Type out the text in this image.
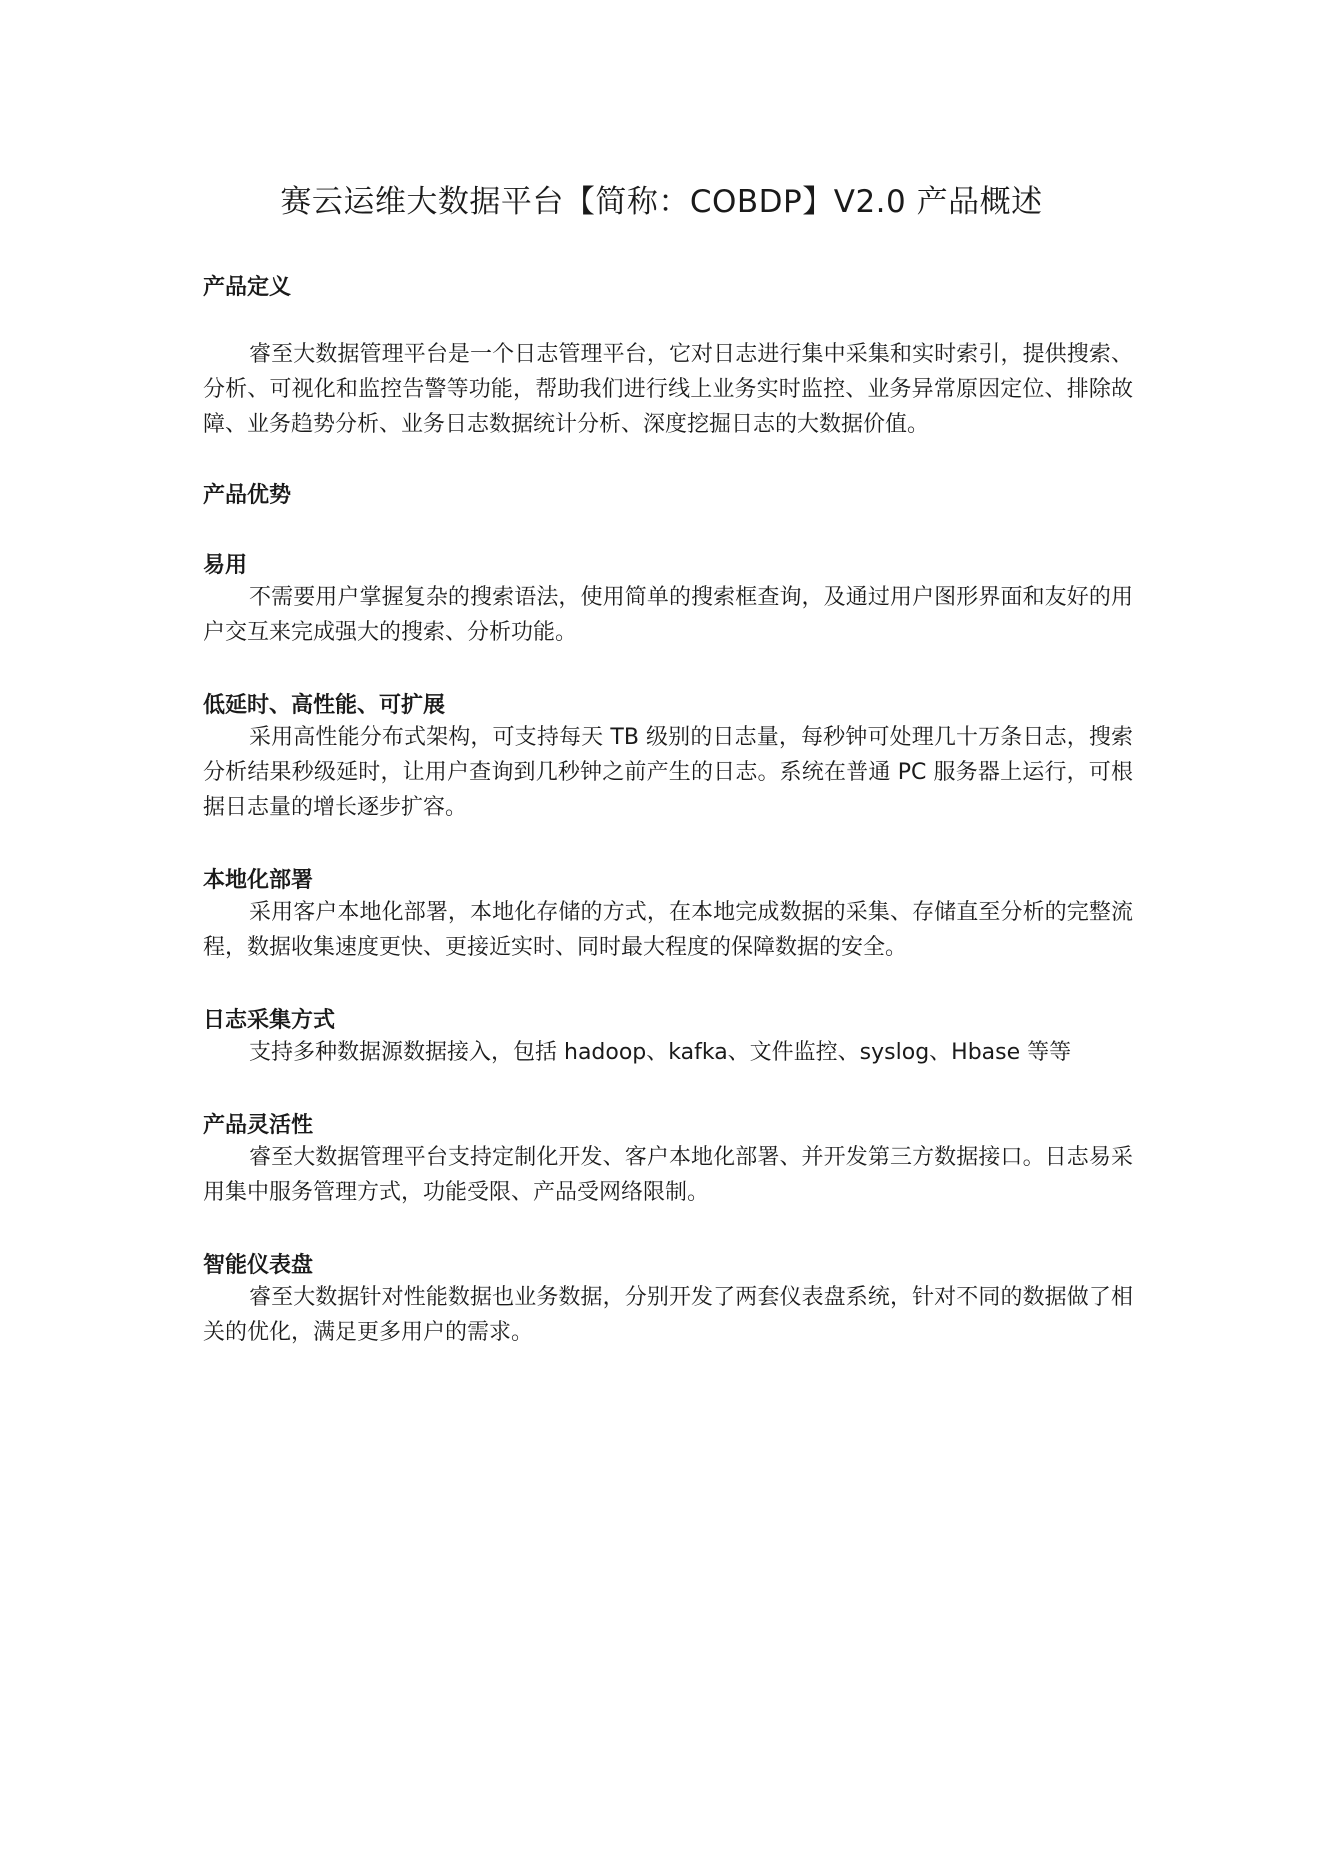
赛云运维大数据平台【简称：COBDP】V2.0 产品概述
产品定义

睿至大数据管理平台是一个日志管理平台，它对日志进行集中采集和实时索引，提供搜索、分析、可视化和监控告警等功能，帮助我们进行线上业务实时监控、业务异常原因定位、排除故障、业务趋势分析、业务日志数据统计分析、深度挖掘日志的大数据价值。

产品优势
易用

不需要用户掌握复杂的搜索语法，使用简单的搜索框查询，及通过用户图形界面和友好的用户交互来完成强大的搜索、分析功能。

低延时、高性能、可扩展

采用高性能分布式架构，可支持每天 TB 级别的日志量，每秒钟可处理几十万条日志，搜索分析结果秒级延时，让用户查询到几秒钟之前产生的日志。系统在普通 PC 服务器上运行，可根据日志量的增长逐步扩容。

本地化部署

采用客户本地化部署，本地化存储的方式，在本地完成数据的采集、存储直至分析的完整流程，数据收集速度更快、更接近实时、同时最大程度的保障数据的安全。

日志采集方式

支持多种数据源数据接入，包括 hadoop、kafka、文件监控、syslog、Hbase 等等

产品灵活性

睿至大数据管理平台支持定制化开发、客户本地化部署、并开发第三方数据接口。日志易采用集中服务管理方式，功能受限、产品受网络限制。

智能仪表盘

睿至大数据针对性能数据也业务数据，分别开发了两套仪表盘系统，针对不同的数据做了相关的优化，满足更多用户的需求。
